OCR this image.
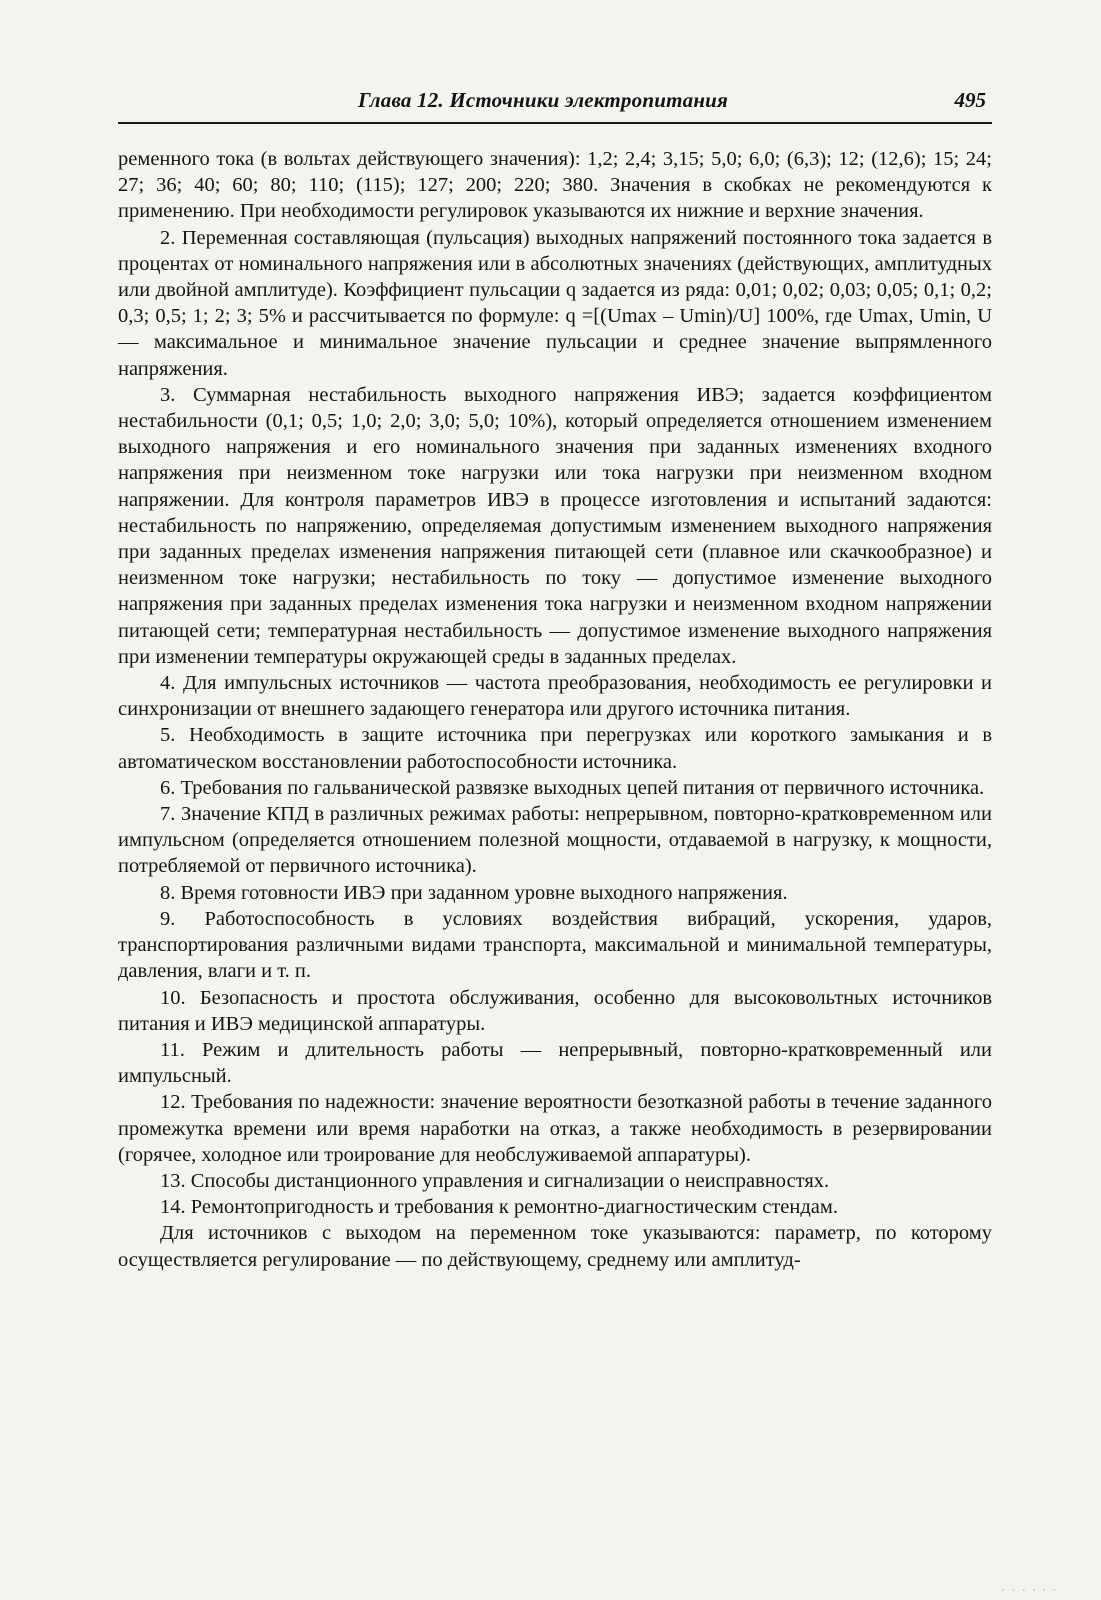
Глава 12. Источники электропитания	495

ременного тока (в вольтах действующего значения): 1,2; 2,4; 3,15; 5,0; 6,0; (6,3); 12; (12,6); 15; 24; 27; 36; 40; 60; 80; 110; (115); 127; 200; 220; 380. Значения в скобках не рекомендуются к применению. При необходимости регулировок указываются их нижние и верхние значения.

2. Переменная составляющая (пульсация) выходных напряжений постоянного тока задается в процентах от номинального напряжения или в абсолютных значениях (действующих, амплитудных или двойной амплитуде). Коэффициент пульсации q задается из ряда: 0,01; 0,02; 0,03; 0,05; 0,1; 0,2; 0,3; 0,5; 1; 2; 3; 5% и рассчитывается по формуле: q =[(Umax – Umin)/U] 100%, где Umax, Umin, U — максимальное и минимальное значение пульсации и среднее значение выпрямленного напряжения.

3. Суммарная нестабильность выходного напряжения ИВЭ; задается коэффициентом нестабильности (0,1; 0,5; 1,0; 2,0; 3,0; 5,0; 10%), который определяется отношением изменением выходного напряжения и его номинального значения при заданных изменениях входного напряжения при неизменном токе нагрузки или тока нагрузки при неизменном входном напряжении. Для контроля параметров ИВЭ в процессе изготовления и испытаний задаются: нестабильность по напряжению, определяемая допустимым изменением выходного напряжения при заданных пределах изменения напряжения питающей сети (плавное или скачкообразное) и неизменном токе нагрузки; нестабильность по току — допустимое изменение выходного напряжения при заданных пределах изменения тока нагрузки и неизменном входном напряжении питающей сети; температурная нестабильность — допустимое изменение выходного напряжения при изменении температуры окружающей среды в заданных пределах.

4. Для импульсных источников — частота преобразования, необходимость ее регулировки и синхронизации от внешнего задающего генератора или другого источника питания.

5. Необходимость в защите источника при перегрузках или короткого замыкания и в автоматическом восстановлении работоспособности источника.

6. Требования по гальванической развязке выходных цепей питания от первичного источника.

7. Значение КПД в различных режимах работы: непрерывном, повторно-кратковременном или импульсном (определяется отношением полезной мощности, отдаваемой в нагрузку, к мощности, потребляемой от первичного источника).

8. Время готовности ИВЭ при заданном уровне выходного напряжения.

9. Работоспособность в условиях воздействия вибраций, ускорения, ударов, транспортирования различными видами транспорта, максимальной и минимальной температуры, давления, влаги и т. п.

10. Безопасность и простота обслуживания, особенно для высоковольтных источников питания и ИВЭ медицинской аппаратуры.

11. Режим и длительность работы — непрерывный, повторно-кратковременный или импульсный.

12. Требования по надежности: значение вероятности безотказной работы в течение заданного промежутка времени или время наработки на отказ, а также необходимость в резервировании (горячее, холодное или троирование для необслуживаемой аппаратуры).

13. Способы дистанционного управления и сигнализации о неисправностях.

14. Ремонтопригодность и требования к ремонтно-диагностическим стендам.

Для источников с выходом на переменном токе указываются: параметр, по которому осуществляется регулирование — по действующему, среднему или амплитуд-

......
